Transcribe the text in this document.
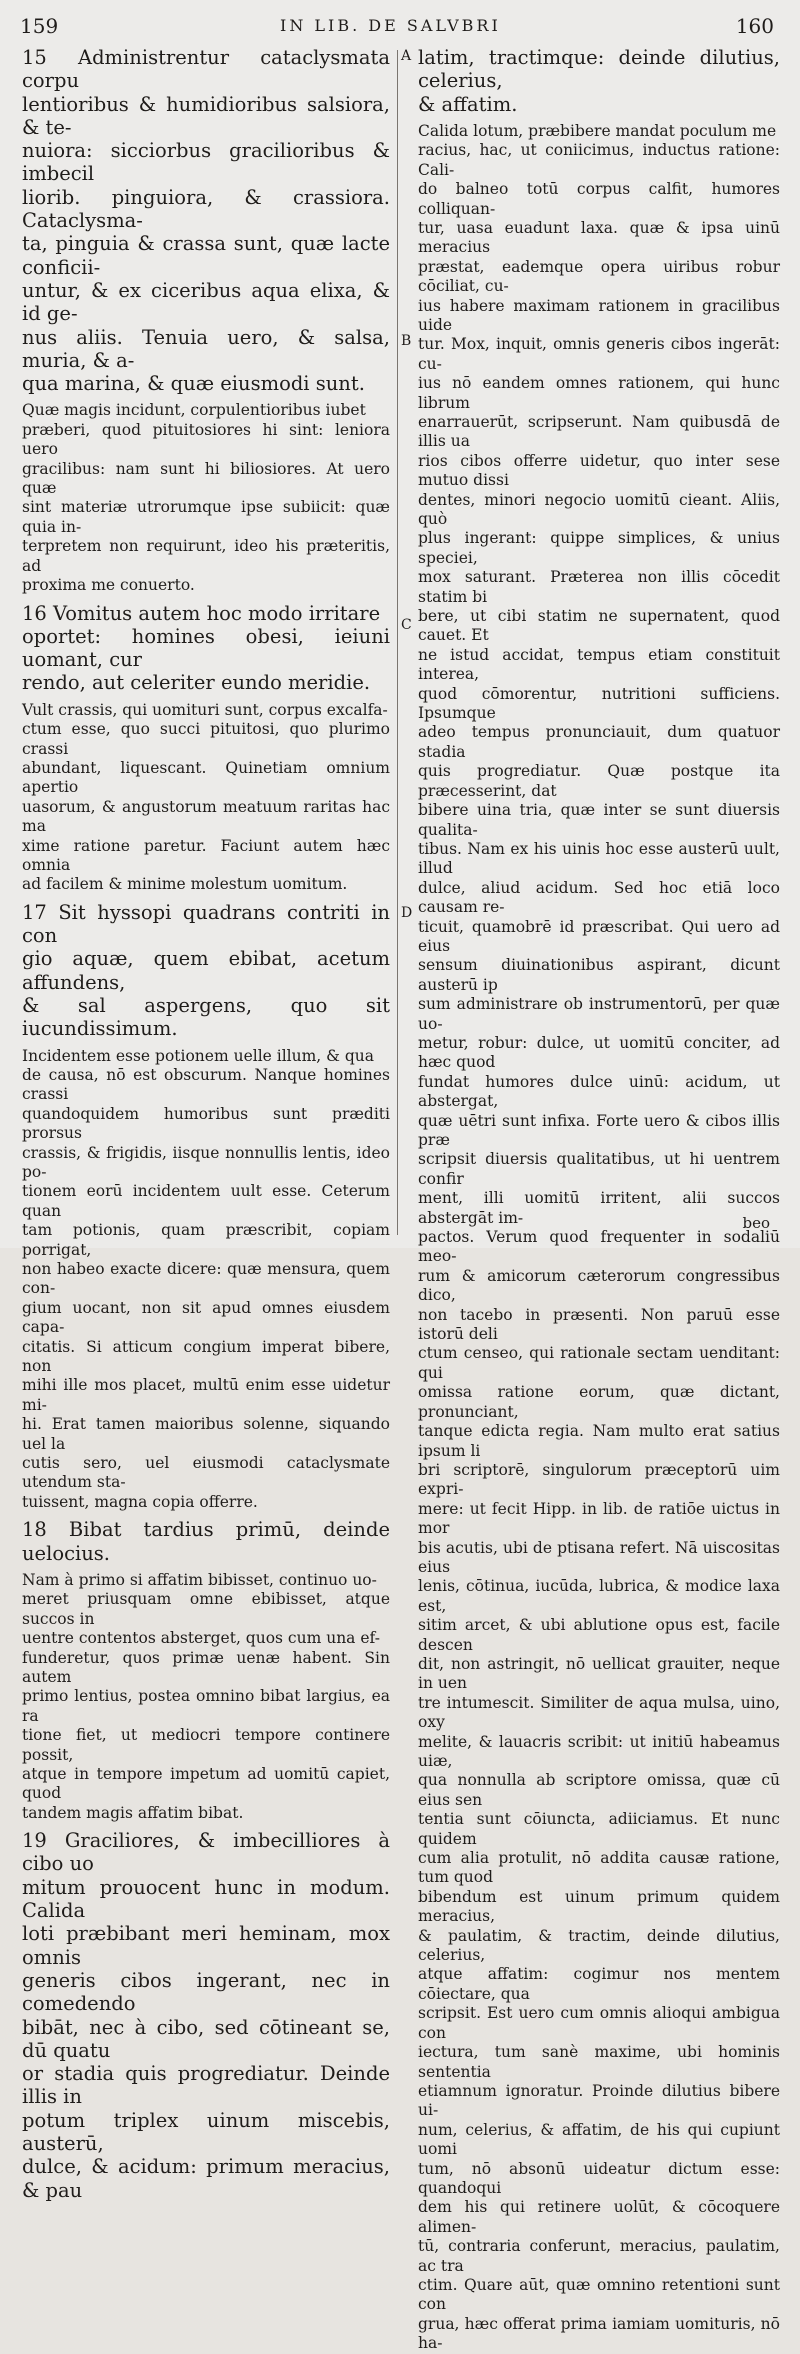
159	IN LIB. DE SALVBRI	160
A
B
C
D

15 Administrentur cataclysmata corpu
lentioribus & humidioribus salsiora, & te-
nuiora: sicciorbus gracilioribus & imbecil
liorib. pinguiora, & crassiora. Cataclysma-
ta, pinguia & crassa sunt, quæ lacte conficii-
untur, & ex ciceribus aqua elixa, & id ge-
nus aliis. Tenuia uero, & salsa, muria, & a-
qua marina, & quæ eiusmodi sunt.

Quæ magis incidunt, corpulentioribus iubet
præberi, quod pituitosiores hi sint: leniora uero
gracilibus: nam sunt hi biliosiores. At uero quæ
sint materiæ utrorumque ipse subiicit: quæ quia in-
terpretem non requirunt, ideo his præteritis, ad
proxima me conuerto.

16 Vomitus autem hoc modo irritare
oportet: homines obesi, ieiuni uomant, cur
rendo, aut celeriter eundo meridie.

Vult crassis, qui uomituri sunt, corpus excalfa-
ctum esse, quo succi pituitosi, quo plurimo crassi
abundant, liquescant. Quinetiam omnium apertio
uasorum, & angustorum meatuum raritas hac ma
xime ratione paretur. Faciunt autem hæc omnia
ad facilem & minime molestum uomitum.

17 Sit hyssopi quadrans contriti in con
gio aquæ, quem ebibat, acetum affundens,
& sal aspergens, quo sit iucundissimum.

Incidentem esse potionem uelle illum, & qua
de causa, nō est obscurum. Nanque homines crassi
quandoquidem humoribus sunt præditi prorsus
crassis, & frigidis, iisque nonnullis lentis, ideo po-
tionem eorū incidentem uult esse. Ceterum quan
tam potionis, quam præscribit, copiam porrigat,
non habeo exacte dicere: quæ mensura, quem con-
gium uocant, non sit apud omnes eiusdem capa-
citatis. Si atticum congium imperat bibere, non
mihi ille mos placet, multū enim esse uidetur mi-
hi. Erat tamen maioribus solenne, siquando uel la
cutis sero, uel eiusmodi cataclysmate utendum sta-
tuissent, magna copia offerre.

18 Bibat tardius primū, deinde uelocius.

Nam à primo si affatim bibisset, continuo uo-
meret priusquam omne ebibisset, atque succos in
uentre contentos absterget, quos cum una ef-
funderetur, quos primæ uenæ habent. Sin autem
primo lentius, postea omnino bibat largius, ea ra
tione fiet, ut mediocri tempore continere possit,
atque in tempore impetum ad uomitū capiet, quod
tandem magis affatim bibat.

19 Graciliores, & imbecilliores à cibo uo
mitum prouocent hunc in modum. Calida
loti præbibant meri heminam, mox omnis
generis cibos ingerant, nec in comedendo
bibāt, nec à cibo, sed cōtineant se, dū quatu
or stadia quis progrediatur. Deinde illis in
potum triplex uinum miscebis, austerū,
dulce, & acidum: primum meracius, & pau

latim, tractimque: deinde dilutius, celerius,
& affatim.

Calida lotum, præbibere mandat poculum me
racius, hac, ut coniicimus, inductus ratione: Cali-
do balneo totū corpus calfit, humores colliquan-
tur, uasa euadunt laxa. quæ & ipsa uinū meracius
præstat, eademque opera uiribus robur cōciliat, cu-
ius habere maximam rationem in gracilibus uide
tur. Mox, inquit, omnis generis cibos ingerāt: cu-
ius nō eandem omnes rationem, qui hunc librum
enarrauerūt, scripserunt. Nam quibusdā de illis ua
rios cibos offerre uidetur, quo inter sese mutuo dissi
dentes, minori negocio uomitū cieant. Aliis, quò
plus ingerant: quippe simplices, & unius speciei,
mox saturant. Præterea non illis cōcedit statim bi
bere, ut cibi statim ne supernatent, quod cauet. Et
ne istud accidat, tempus etiam constituit interea,
quod cōmorentur, nutritioni sufficiens. Ipsumque
adeo tempus pronunciauit, dum quatuor stadia
quis progrediatur. Quæ postque ita præcesserint, dat
bibere uina tria, quæ inter se sunt diuersis qualita-
tibus. Nam ex his uinis hoc esse austerū uult, illud
dulce, aliud acidum. Sed hoc etiā loco causam re-
ticuit, quamobrē id præscribat. Qui uero ad eius
sensum diuinationibus aspirant, dicunt austerū ip
sum administrare ob instrumentorū, per quæ uo-
metur, robur: dulce, ut uomitū conciter, ad hæc quod
fundat humores dulce uinū: acidum, ut abstergat,
quæ uētri sunt infixa. Forte uero & cibos illis præ
scripsit diuersis qualitatibus, ut hi uentrem confir
ment, illi uomitū irritent, alii succos abstergāt im-
pactos. Verum quod frequenter in sodaliū meo-
rum & amicorum cæterorum congressibus dico,
non tacebo in præsenti. Non paruū esse istorū deli
ctum censeo, qui rationale sectam uenditant: qui
omissa ratione eorum, quæ dictant, pronunciant,
tanque edicta regia. Nam multo erat satius ipsum li
bri scriptorē, singulorum præceptorū uim expri-
mere: ut fecit Hipp. in lib. de ratiōe uictus in mor
bis acutis, ubi de ptisana refert. Nā uiscositas eius
lenis, cōtinua, iucūda, lubrica, & modice laxa est,
sitim arcet, & ubi ablutione opus est, facile descen
dit, non astringit, nō uellicat grauiter, neque in uen
tre intumescit. Similiter de aqua mulsa, uino, oxy
melite, & lauacris scribit: ut initiū habeamus uiæ,
qua nonnulla ab scriptore omissa, quæ cū eius sen
tentia sunt cōiuncta, adiiciamus. Et nunc quidem
cum alia protulit, nō addita causæ ratione, tum quod
bibendum est uinum primum quidem meracius,
& paulatim, & tractim, deinde dilutius, celerius,
atque affatim: cogimur nos mentem cōiectare, qua
scripsit. Est uero cum omnis alioqui ambigua con
iectura, tum sanè maxime, ubi hominis sententia
etiamnum ignoratur. Proinde dilutius bibere ui-
num, celerius, & affatim, de his qui cupiunt uomi
tum, nō absonū uideatur dictum esse: quandoqui
dem his qui retinere uolūt, & cōcoquere alimen-
tū, contraria conferunt, meracius, paulatim, ac tra
ctim. Quare aūt, quæ omnino retentioni sunt con
grua, hæc offerat prima iamiam uomituris, nō ha-

beo
